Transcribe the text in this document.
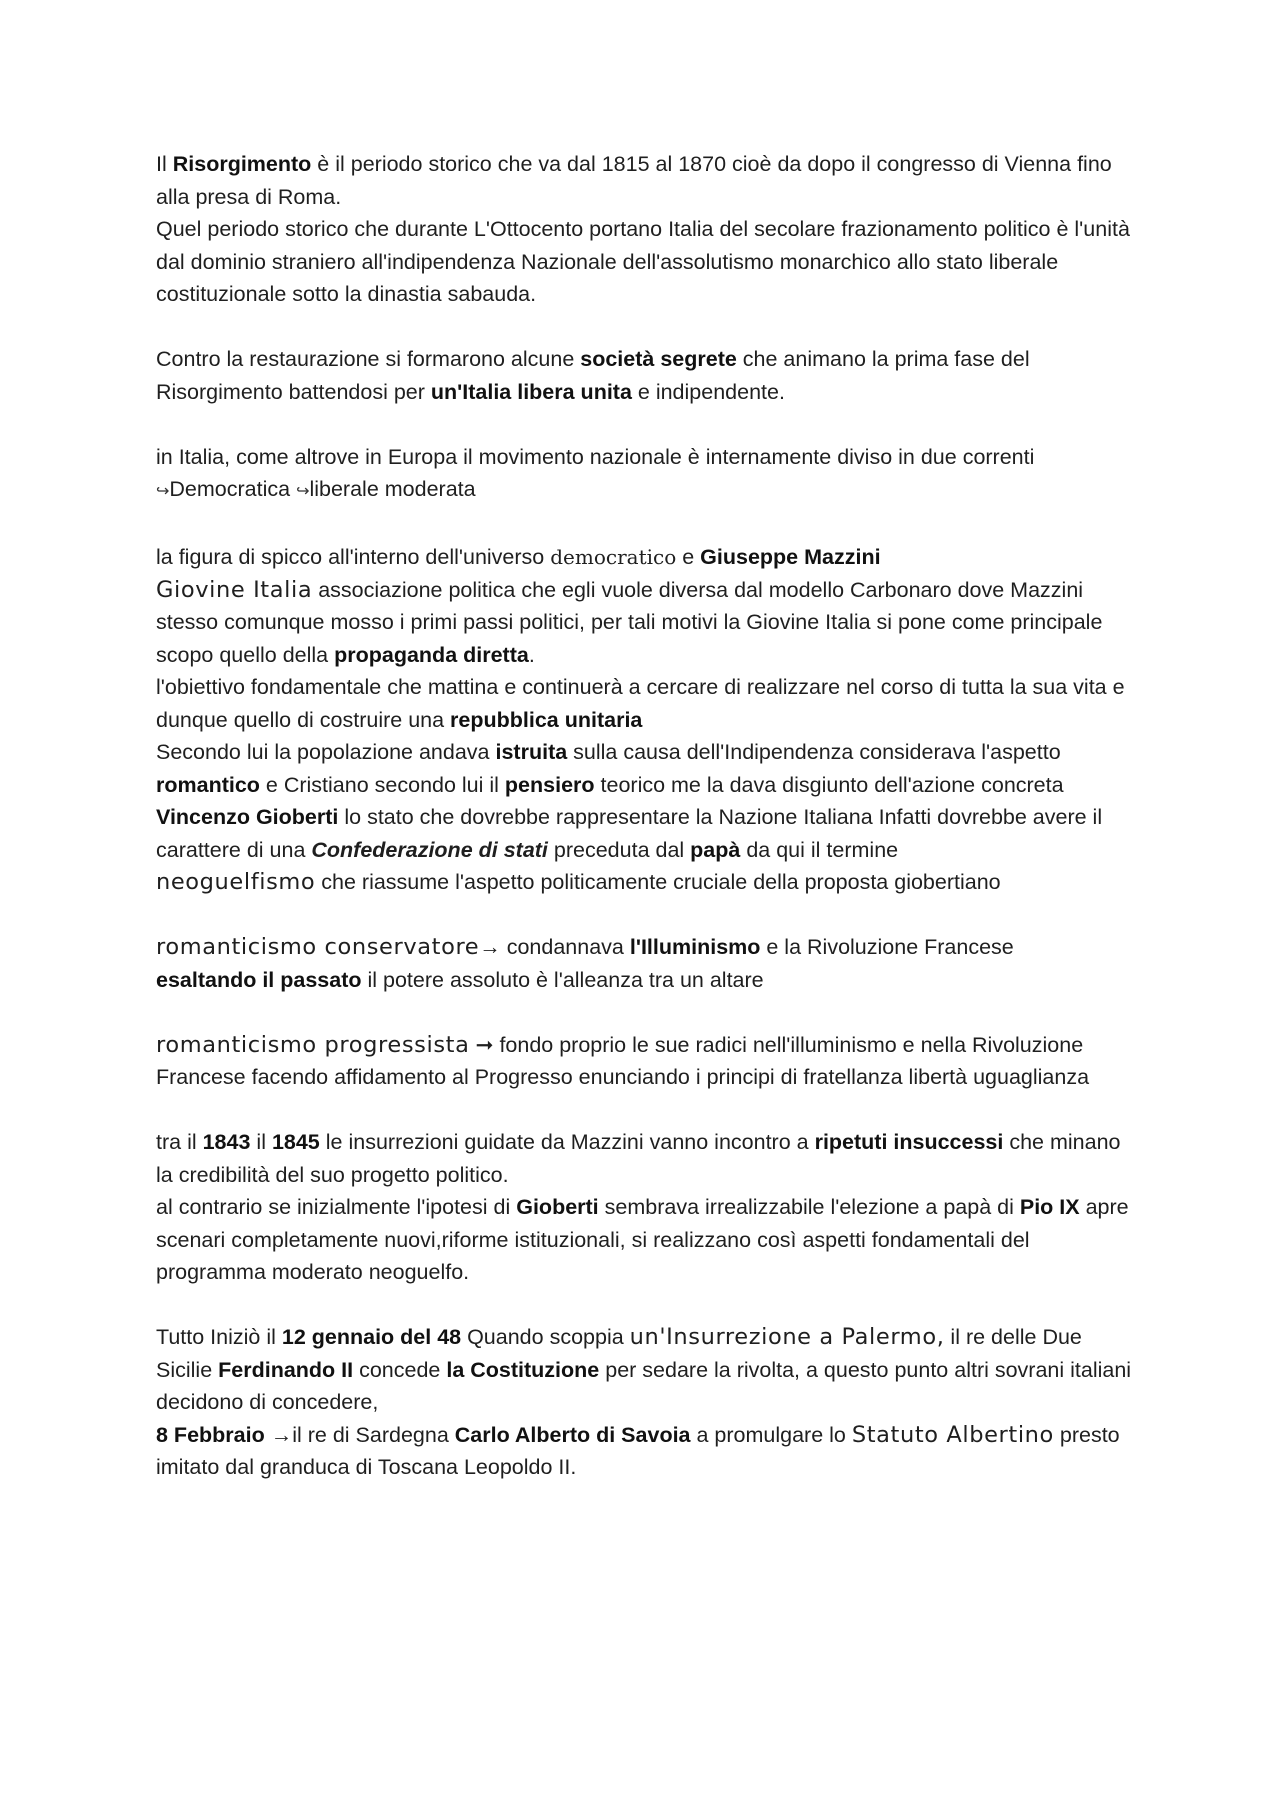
Il Risorgimento è il periodo storico che va dal 1815 al 1870 cioè da dopo il congresso di Vienna fino alla presa di Roma.

Quel periodo storico che durante L'Ottocento portano Italia del secolare frazionamento politico è l'unità dal dominio straniero all'indipendenza Nazionale dell'assolutismo monarchico allo stato liberale costituzionale sotto la dinastia sabauda.

Contro la restaurazione si formarono alcune società segrete che animano la prima fase del Risorgimento battendosi per un'Italia libera unita e indipendente.

in Italia, come altrove in Europa il movimento nazionale è internamente diviso in due correnti

↪Democratica ↪liberale moderata

la figura di spicco all'interno dell'universo democratico e Giuseppe Mazzini

Giovine Italia associazione politica che egli vuole diversa dal modello Carbonaro dove Mazzini stesso comunque mosso i primi passi politici, per tali motivi la Giovine Italia si pone come principale scopo quello della propaganda diretta.

l'obiettivo fondamentale che mattina e continuerà a cercare di realizzare nel corso di tutta la sua vita e dunque quello di costruire una repubblica unitaria

Secondo lui la popolazione andava istruita sulla causa dell'Indipendenza considerava l'aspetto romantico e Cristiano secondo lui il pensiero teorico me la dava disgiunto dell'azione concreta

Vincenzo Gioberti lo stato che dovrebbe rappresentare la Nazione Italiana Infatti dovrebbe avere il carattere di una Confederazione di stati preceduta dal papà da qui il termine
neoguelfismo che riassume l'aspetto politicamente cruciale della proposta giobertiano

romanticismo conservatore→ condannava l'Illuminismo e la Rivoluzione Francese
esaltando il passato il potere assoluto è l'alleanza tra un altare

romanticismo progressista ➞ fondo proprio le sue radici nell'illuminismo e nella Rivoluzione Francese facendo affidamento al Progresso enunciando i principi di fratellanza libertà uguaglianza

tra il 1843 il 1845 le insurrezioni guidate da Mazzini vanno incontro a ripetuti insuccessi che minano la credibilità del suo progetto politico.

al contrario se inizialmente l'ipotesi di Gioberti sembrava irrealizzabile l'elezione a papà di Pio IX apre scenari completamente nuovi,riforme istituzionali, si realizzano così aspetti fondamentali del programma moderato neoguelfo.

Tutto Iniziò il 12 gennaio del 48 Quando scoppia un'Insurrezione a Palermo, il re delle Due Sicilie Ferdinando II concede la Costituzione per sedare la rivolta, a questo punto altri sovrani italiani decidono di concedere,

8 Febbraio →il re di Sardegna Carlo Alberto di Savoia a promulgare lo Statuto Albertino presto imitato dal granduca di Toscana Leopoldo II.
